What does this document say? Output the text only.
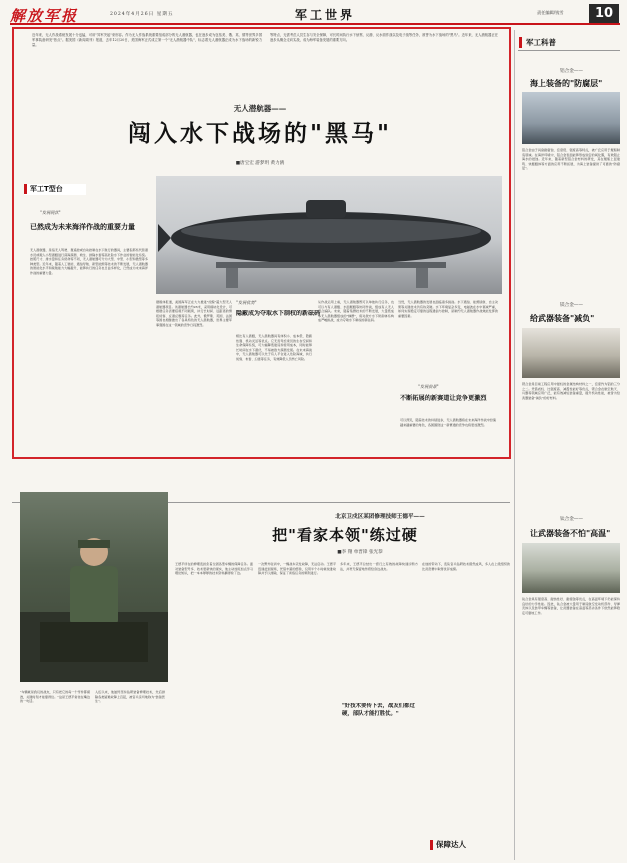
解放军报	2024年4月26日 星期五	军工世界	责任编辑/钱雪	10
近年来，无人作战系统发展十分迅猛，可用"异军突起"来形容。作为无人作战系统重要组成部分的无人潜航器，也在逐步成为包括美、俄、英、德等世界多国军事装备研发"热点"。据美国《新闻周刊》报道，去年12月20日，美国海军正式成立第一个"无人潜航器中队"，标志着无人潜航器正成为水下战场的新锐力量。
等特点，无需考虑人员生存与安全保障，可长时间执行水下侦察、反潜、反水面作战以及电子战等任务，被誉为水下战场的"黑马"。近年来，无人潜航器正在逐步从概念走向实战，成为海军装备发展的重要方向。
无人潜航器——
闯入水下战场的"黑马"
■唐宝宏 游梦玥 黄力鸥
军工T型台
"发展现状"
已然成为未来海洋作战的重要力量
无人潜航器，是指无人驾驶、靠遥控或自动控制在水下航行的器具，主要指那些代替潜水员或载人小型潜艇进行深海探测、救生、排除水雷等高危险水下作业的智能化系统。按照尺寸、排水量和任务使命等不同，无人潜航器可分为大型、中型、小型和微型等多种类型。近年来，随着人工智能、通信导航、新型能源等技术的不断发展，无人潜航器的智能化水平和续航能力大幅提升，能够执行的任务也日益多样化，已然成为未来海洋作战的重要力量。
据媒体报道，美国海军正在大力推进"虎鲸"超大型无人潜航器项目。该潜航器长约26米，采用模块化设计，可根据任务需要搭载不同载荷，执行长时间、远距离的情报侦察、反潜反舰等任务。此外，俄罗斯、英国、法国等国也相继推出了各具特色的无人潜航器，世界主要军事强国在这一领域的竞争日趋激烈。
"发展优势"
隐蔽成为夺取水下制权的新砝码
相比有人潜艇，无人潜航器具有体积小、成本低、隐蔽性强、机动灵活等优点。它无需考虑乘员的生存空间和生命保障系统，可大幅降低建造和使用成本，同时能够长时间在水下潜伏，不易被敌方探测发现。在未来海战中，无人潜航器可以先于有人平台进入危险海域，执行侦察、布雷、扫雷等任务，有效降低人员伤亡风险。
从作战运用上看，无人潜航器既可以单独执行任务，也可以与有人潜艇、水面舰艇等协同作战，组成有人无人混合编队。未来，随着集群技术的不断发展，大量低成本无人潜航器组成的"蜂群"，将对敌方水下防御体系构成严峻挑战，成为夺取水下制权的新砝码。
当然，无人潜航器的发展也面临诸多挑战。水下通信、能源续航、自主决策等关键技术仍有待突破。水下环境复杂多变，电磁波在水中衰减严重，如何实现稳定可靠的远程通信与控制，是制约无人潜航器作战效能发挥的重要因素。
"发展前景"
不断拓展的新赛道让竞争更激烈
可以预见，随着技术的持续进步，无人潜航器将在未来海洋作战中扮演越来越重要的角色，各国围绕这一新赛道的竞争也将更加激烈。
军工科普
铝合金——
海上装备的"防腐层"
铝合金由于具备耐腐蚀、密度低、强度高等特点，被广泛应用于舰船制造领域。在海洋环境中，铝合金表面能够形成致密的氧化膜，有效阻止海水的侵蚀。近年来，随着新型铝合金材料的研发，其在舰船上层建筑、快艇艇体等方面的应用不断拓展，为海上装备提供了可靠的"防腐层"。
镁合金——
给武器装备"减负"
镁合金是目前工程应用中最轻的金属结构材料之一，密度约为铝的三分之二。凭借质轻、比强度高、减震性能好等优点，镁合金在航空航天、兵器等领域应用广泛，能有效减轻装备重量，提升机动性能，被誉为给武器装备"减负"的好材料。
钛合金——
让武器装备不怕"高温"
钛合金具有强度高、耐热性好、耐腐蚀等优点，在高温环境下仍能保持良好的力学性能。因此，钛合金被大量用于制造航空发动机部件、导弹壳体以及装甲车辆等装备，让武器装备在高温等恶劣条件下依然能够稳定可靠地工作。
北京卫戍区某团修理技师王德平——
把"看家本领"练过硬
■李 翔 单晋锋 张光恭
"车辆就是我们的战友，只有把它的每一个零件都摸透，关键时刻才能靠得住。"这是王德平常挂在嘴边的一句话。
入伍以来，他始终坚持钻研装备修理技术，先后排除各类疑难故障上百起，被官兵亲切地称为"装备医生"。
王德平所在的修理连担负着全团各型车辆的保障任务。面对装备型号多、技术更新快的现实，他主动加班加点学习理论知识，把一本本厚厚的技术资料翻得卷了边。
一次野外驻训中，一辆战车突发故障，无法启动。王德平迅速赶到现场，凭借丰富的经验，仅用半个小时就找准故障并予以排除，保证了训练任务的顺利进行。
多年来，王德平总结出一套行之有效的故障快速诊断方法，并毫无保留地传授给身边战友。
"好技术要传下去，战友们都过硬，部队才能打胜仗。"
在他的带动下，连队官兵钻研技术蔚然成风，多人在上级组织的比武竞赛中取得优异成绩。
保障达人
